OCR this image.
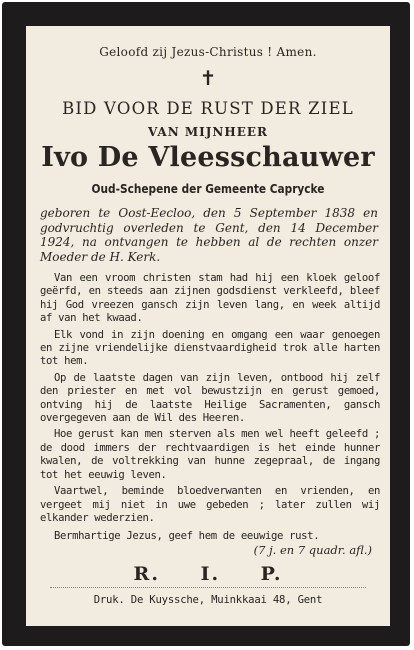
Geloofd zij Jezus-Christus ! Amen.
✝
BID VOOR DE RUST DER ZIEL
VAN MIJNHEER
Ivo De Vleesschauwer
Oud-Schepene der Gemeente Caprycke
geboren te Oost-Eecloo, den 5 September 1838 en godvruchtig overleden te Gent, den 14 December 1924, na ontvangen te hebben al de rechten onzer Moeder de H. Kerk.

Van een vroom christen stam had hij een kloek geloof geërfd, en steeds aan zijnen godsdienst verkleefd, bleef hij God vreezen gansch zijn leven lang, en week altijd af van het kwaad.

Elk vond in zijn doening en omgang een waar genoegen en zijne vriendelijke dienstvaardigheid trok alle harten tot hem.

Op de laatste dagen van zijn leven, ontbood hij zelf den priester en met vol bewustzijn en gerust gemoed, ontving hij de laatste Heilige Sacramenten, gansch overgegeven aan de Wil des Heeren.

Hoe gerust kan men sterven als men wel heeft geleefd ; de dood immers der rechtvaardigen is het einde hunner kwalen, de voltrekking van hunne zegepraal, de ingang tot het eeuwig leven.

Vaartwel, beminde bloedverwanten en vrienden, en vergeet mij niet in uwe gebeden ; later zullen wij elkander wederzien.

Bermhartige Jezus, geef hem de eeuwige rust.
(7 j. en 7 quadr. afl.)
R. I. P.
Druk. De Kuyssche, Muinkkaai 48, Gent
